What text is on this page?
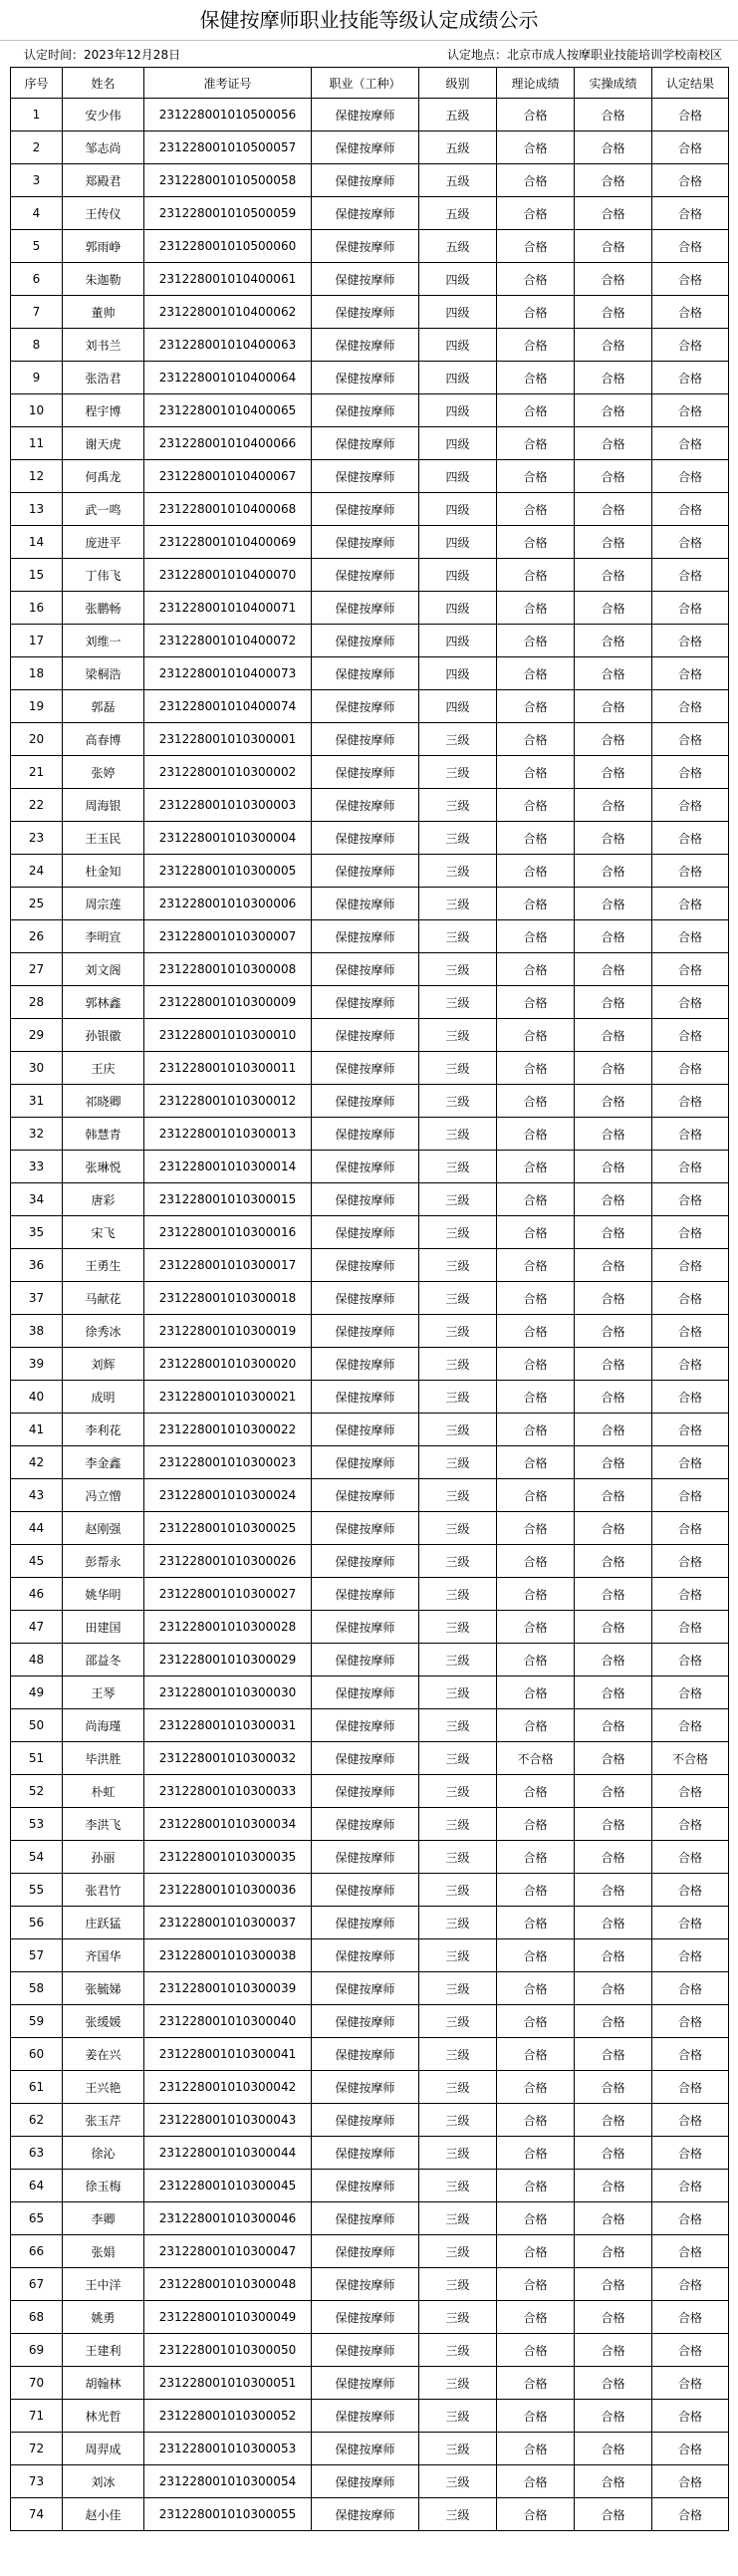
保健按摩师职业技能等级认定成绩公示
认定时间：2023年12月28日	认定地点：北京市成人按摩职业技能培训学校南校区
序号	姓名	准考证号	职业（工种）	级别	理论成绩	实操成绩	认定结果
1	安少伟	231228001010500056	保健按摩师	五级	合格	合格	合格
2	邹志尚	231228001010500057	保健按摩师	五级	合格	合格	合格
3	郑殿君	231228001010500058	保健按摩师	五级	合格	合格	合格
4	王传仪	231228001010500059	保健按摩师	五级	合格	合格	合格
5	郭雨峥	231228001010500060	保健按摩师	五级	合格	合格	合格
6	朱迦勒	231228001010400061	保健按摩师	四级	合格	合格	合格
7	董帅	231228001010400062	保健按摩师	四级	合格	合格	合格
8	刘书兰	231228001010400063	保健按摩师	四级	合格	合格	合格
9	张浩君	231228001010400064	保健按摩师	四级	合格	合格	合格
10	程宇博	231228001010400065	保健按摩师	四级	合格	合格	合格
11	谢天虎	231228001010400066	保健按摩师	四级	合格	合格	合格
12	何禹龙	231228001010400067	保健按摩师	四级	合格	合格	合格
13	武一鸣	231228001010400068	保健按摩师	四级	合格	合格	合格
14	庞进平	231228001010400069	保健按摩师	四级	合格	合格	合格
15	丁伟飞	231228001010400070	保健按摩师	四级	合格	合格	合格
16	张鹏畅	231228001010400071	保健按摩师	四级	合格	合格	合格
17	刘维一	231228001010400072	保健按摩师	四级	合格	合格	合格
18	梁桐浩	231228001010400073	保健按摩师	四级	合格	合格	合格
19	郭磊	231228001010400074	保健按摩师	四级	合格	合格	合格
20	高春博	231228001010300001	保健按摩师	三级	合格	合格	合格
21	张婷	231228001010300002	保健按摩师	三级	合格	合格	合格
22	周海银	231228001010300003	保健按摩师	三级	合格	合格	合格
23	王玉民	231228001010300004	保健按摩师	三级	合格	合格	合格
24	杜金知	231228001010300005	保健按摩师	三级	合格	合格	合格
25	周宗莲	231228001010300006	保健按摩师	三级	合格	合格	合格
26	李明宣	231228001010300007	保健按摩师	三级	合格	合格	合格
27	刘文阁	231228001010300008	保健按摩师	三级	合格	合格	合格
28	郭林鑫	231228001010300009	保健按摩师	三级	合格	合格	合格
29	孙银徽	231228001010300010	保健按摩师	三级	合格	合格	合格
30	王庆	231228001010300011	保健按摩师	三级	合格	合格	合格
31	祁晓卿	231228001010300012	保健按摩师	三级	合格	合格	合格
32	韩慧青	231228001010300013	保健按摩师	三级	合格	合格	合格
33	张琳悦	231228001010300014	保健按摩师	三级	合格	合格	合格
34	唐彩	231228001010300015	保健按摩师	三级	合格	合格	合格
35	宋飞	231228001010300016	保健按摩师	三级	合格	合格	合格
36	王勇生	231228001010300017	保健按摩师	三级	合格	合格	合格
37	马献花	231228001010300018	保健按摩师	三级	合格	合格	合格
38	徐秀冰	231228001010300019	保健按摩师	三级	合格	合格	合格
39	刘辉	231228001010300020	保健按摩师	三级	合格	合格	合格
40	成明	231228001010300021	保健按摩师	三级	合格	合格	合格
41	李利花	231228001010300022	保健按摩师	三级	合格	合格	合格
42	李金鑫	231228001010300023	保健按摩师	三级	合格	合格	合格
43	冯立憎	231228001010300024	保健按摩师	三级	合格	合格	合格
44	赵刚强	231228001010300025	保健按摩师	三级	合格	合格	合格
45	彭帮永	231228001010300026	保健按摩师	三级	合格	合格	合格
46	姚华明	231228001010300027	保健按摩师	三级	合格	合格	合格
47	田建国	231228001010300028	保健按摩师	三级	合格	合格	合格
48	邵益冬	231228001010300029	保健按摩师	三级	合格	合格	合格
49	王琴	231228001010300030	保健按摩师	三级	合格	合格	合格
50	尚海瑾	231228001010300031	保健按摩师	三级	合格	合格	合格
51	毕洪胜	231228001010300032	保健按摩师	三级	不合格	合格	不合格
52	朴虹	231228001010300033	保健按摩师	三级	合格	合格	合格
53	李洪飞	231228001010300034	保健按摩师	三级	合格	合格	合格
54	孙丽	231228001010300035	保健按摩师	三级	合格	合格	合格
55	张君竹	231228001010300036	保健按摩师	三级	合格	合格	合格
56	庄跃猛	231228001010300037	保健按摩师	三级	合格	合格	合格
57	齐国华	231228001010300038	保健按摩师	三级	合格	合格	合格
58	张毓娣	231228001010300039	保健按摩师	三级	合格	合格	合格
59	张缓媛	231228001010300040	保健按摩师	三级	合格	合格	合格
60	姜在兴	231228001010300041	保健按摩师	三级	合格	合格	合格
61	王兴艳	231228001010300042	保健按摩师	三级	合格	合格	合格
62	张玉芹	231228001010300043	保健按摩师	三级	合格	合格	合格
63	徐沁	231228001010300044	保健按摩师	三级	合格	合格	合格
64	徐玉梅	231228001010300045	保健按摩师	三级	合格	合格	合格
65	李卿	231228001010300046	保健按摩师	三级	合格	合格	合格
66	张娟	231228001010300047	保健按摩师	三级	合格	合格	合格
67	王中洋	231228001010300048	保健按摩师	三级	合格	合格	合格
68	姚勇	231228001010300049	保健按摩师	三级	合格	合格	合格
69	王建利	231228001010300050	保健按摩师	三级	合格	合格	合格
70	胡翰林	231228001010300051	保健按摩师	三级	合格	合格	合格
71	林光哲	231228001010300052	保健按摩师	三级	合格	合格	合格
72	周羿成	231228001010300053	保健按摩师	三级	合格	合格	合格
73	刘冰	231228001010300054	保健按摩师	三级	合格	合格	合格
74	赵小佳	231228001010300055	保健按摩师	三级	合格	合格	合格
